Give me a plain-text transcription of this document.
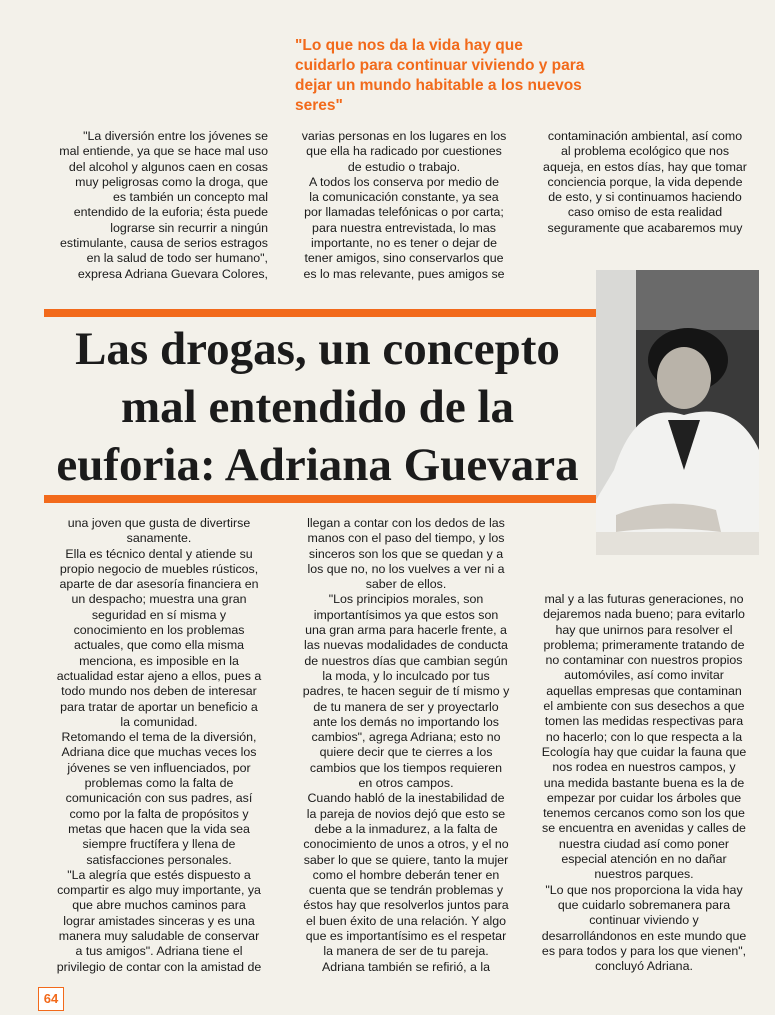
"Lo que nos da la vida hay que cuidarlo para continuar viviendo y para dejar un mundo habitable a los nuevos seres"
"La diversión entre los jóvenes se
mal entiende, ya que se hace mal uso
del alcohol y algunos caen en cosas
muy peligrosas como la droga, que
es también un concepto mal
entendido de la euforia; ésta puede
lograrse sin recurrir a ningún
estimulante, causa de serios estragos
en la salud de todo ser humano",
expresa Adriana Guevara Colores,
varias personas en los lugares en los
que ella ha radicado por cuestiones
de estudio o trabajo.
A todos los conserva por medio de
la comunicación constante, ya sea
por llamadas telefónicas o por carta;
para nuestra entrevistada, lo mas
importante, no es tener o dejar de
tener amigos, sino conservarlos que
es lo mas relevante, pues amigos se
contaminación ambiental, así como
al problema ecológico que nos
aqueja, en estos días, hay que tomar
conciencia porque, la vida depende
de esto, y si continuamos haciendo
caso omiso de esta realidad
seguramente que acabaremos muy
Las drogas, un concepto
mal entendido de la
euforia: Adriana Guevara
una joven que gusta de divertirse
sanamente.
Ella es técnico dental y atiende su
propio negocio de muebles rústicos,
aparte de dar asesoría financiera en
un despacho; muestra una gran
seguridad en sí misma y
conocimiento en los problemas
actuales, que como ella misma
menciona, es imposible en la
actualidad estar ajeno a ellos, pues a
todo mundo nos deben de interesar
para tratar de aportar un beneficio a
la comunidad.
Retomando el tema de la diversión,
Adriana dice que muchas veces los
jóvenes se ven influenciados, por
problemas como la falta de
comunicación con sus padres, así
como por la falta de propósitos y
metas que hacen que la vida sea
siempre fructífera y llena de
satisfacciones personales.
"La alegría que estés dispuesto a
compartir es algo muy importante, ya
que abre muchos caminos para
lograr amistades sinceras y es una
manera muy saludable de conservar
a tus amigos". Adriana tiene el
privilegio de contar con la amistad de
llegan a contar con los dedos de las
manos con el paso del tiempo, y los
sinceros son los que se quedan y a
los que no, no los vuelves a ver ni a
saber de ellos.
"Los principios morales, son
importantísimos ya que estos son
una gran arma para hacerle frente, a
las nuevas modalidades de conducta
de nuestros días que cambian según
la moda, y lo inculcado por tus
padres, te hacen seguir de tí mismo y
de tu manera de ser y proyectarlo
ante los demás no importando los
cambios", agrega Adriana; esto no
quiere decir que te cierres a los
cambios que los tiempos requieren
en otros campos.
Cuando habló de la inestabilidad de
la pareja de novios dejó que esto se
debe a la inmadurez, a la falta de
conocimiento de unos a otros, y el no
saber lo que se quiere, tanto la mujer
como el hombre deberán tener en
cuenta que se tendrán problemas y
éstos hay que resolverlos juntos para
el buen éxito de una relación. Y algo
que es importantísimo es el respetar
la manera de ser de tu pareja.
Adriana también se refirió, a la
mal y a las futuras generaciones, no
dejaremos nada bueno; para evitarlo
hay que unirnos para resolver el
problema; primeramente tratando de
no contaminar con nuestros propios
automóviles, así como invitar
aquellas empresas que contaminan
el ambiente con sus desechos a que
tomen las medidas respectivas para
no hacerlo; con lo que respecta a la
Ecología hay que cuidar la fauna que
nos rodea en nuestros campos, y
una medida bastante buena es la de
empezar por cuidar los árboles que
tenemos cercanos como son los que
se encuentra en avenidas y calles de
nuestra ciudad así como poner
especial atención en no dañar
nuestros parques.
"Lo que nos proporciona la vida hay
que cuidarlo sobremanera para
continuar viviendo y
desarrollándonos en este mundo que
es para todos y para los que vienen",
concluyó Adriana.
64
